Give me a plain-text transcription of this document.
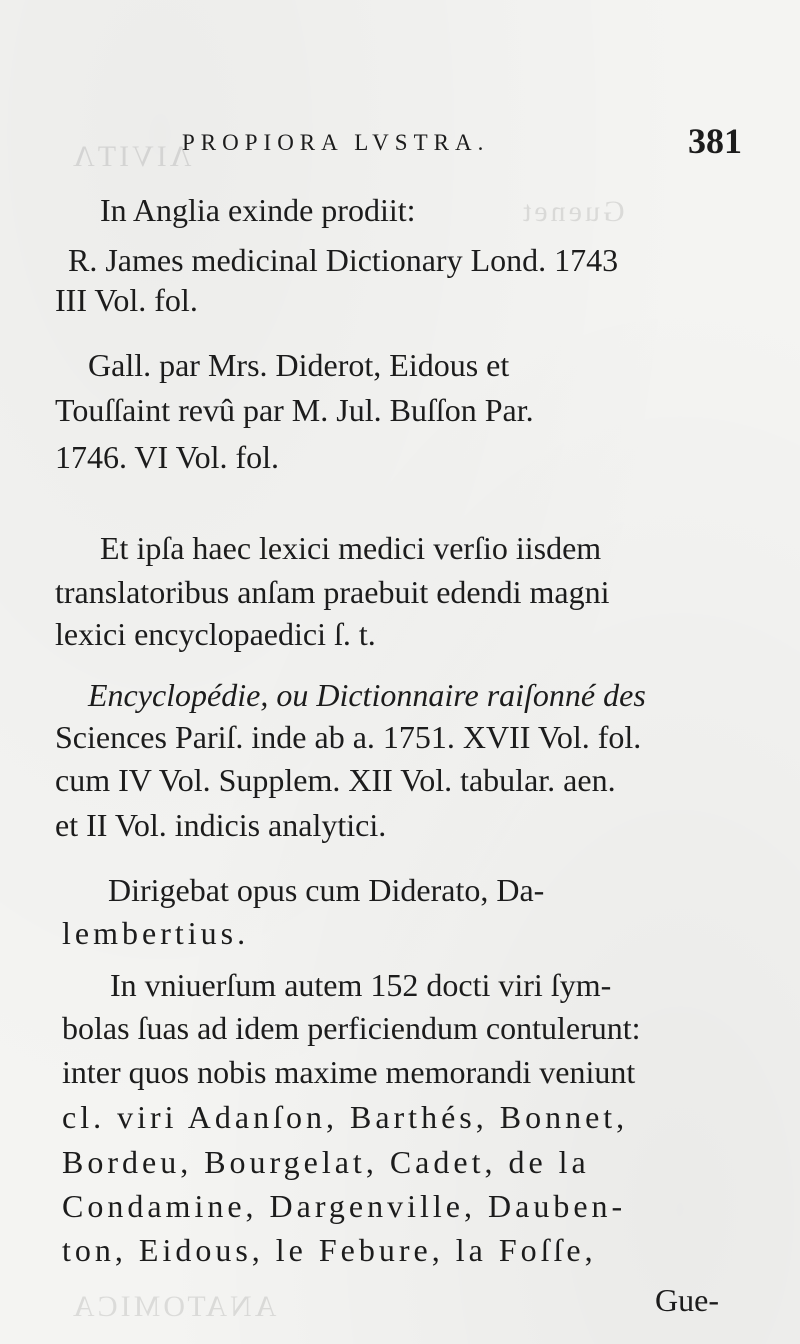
ΛIVITΛ
Guenet
ANATOMICA
PROPIORA LVSTRA.	381
In Anglia exinde prodiit:
R. James medicinal Dictionary Lond. 1743
III Vol. fol.
Gall. par Mrs. Diderot, Eidous et
Touſſaint revû par M. Jul. Buſſon Par.
1746. VI Vol. fol.
Et ipſa haec lexici medici verſio iisdem
translatoribus anſam praebuit edendi magni
lexici encyclopaedici ſ. t.
Encyclopédie, ou Dictionnaire raiſonné des
Sciences Pariſ. inde ab a. 1751. XVII Vol. fol.
cum IV Vol. Supplem. XII Vol. tabular. aen.
et II Vol. indicis analytici.
Dirigebat opus cum Diderato, Da-
lembertius.
In vniuerſum autem 152 docti viri ſym-
bolas ſuas ad idem perficiendum contulerunt:
inter quos nobis maxime memorandi veniunt
cl. viri Adanſon, Barthés, Bonnet,
Bordeu, Bourgelat, Cadet, de la
Condamine, Dargenville, Dauben-
ton, Eidous, le Febure, la Foſſe,
Gue-
